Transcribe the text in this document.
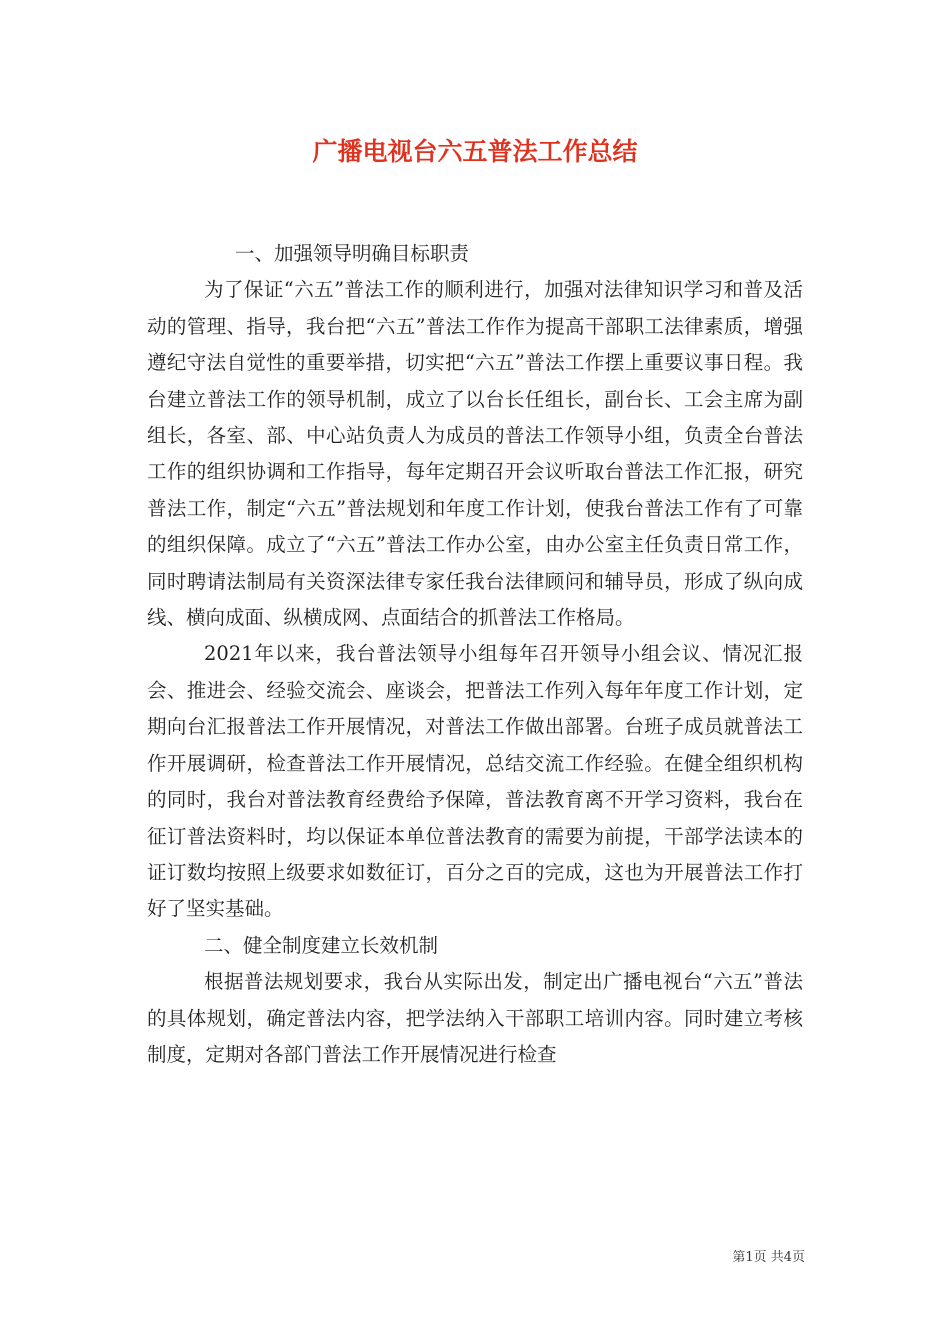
广播电视台六五普法工作总结

一、加强领导明确目标职责

为了保证“六五”普法工作的顺利进行，加强对法律知识学习和普及活动的管理、指导，我台把“六五”普法工作作为提高干部职工法律素质，增强遵纪守法自觉性的重要举措，切实把“六五”普法工作摆上重要议事日程。我台建立普法工作的领导机制，成立了以台长任组长，副台长、工会主席为副组长，各室、部、中心站负责人为成员的普法工作领导小组，负责全台普法工作的组织协调和工作指导，每年定期召开会议听取台普法工作汇报，研究普法工作，制定“六五”普法规划和年度工作计划，使我台普法工作有了可靠的组织保障。成立了“六五”普法工作办公室，由办公室主任负责日常工作，同时聘请法制局有关资深法律专家任我台法律顾问和辅导员，形成了纵向成线、横向成面、纵横成网、点面结合的抓普法工作格局。

2021年以来，我台普法领导小组每年召开领导小组会议、情况汇报会、推进会、经验交流会、座谈会，把普法工作列入每年年度工作计划，定期向台汇报普法工作开展情况，对普法工作做出部署。台班子成员就普法工作开展调研，检查普法工作开展情况，总结交流工作经验。在健全组织机构的同时，我台对普法教育经费给予保障，普法教育离不开学习资料，我台在征订普法资料时，均以保证本单位普法教育的需要为前提，干部学法读本的证订数均按照上级要求如数征订，百分之百的完成，这也为开展普法工作打好了坚实基础。

二、健全制度建立长效机制

根据普法规划要求，我台从实际出发，制定出广播电视台“六五”普法的具体规划，确定普法内容，把学法纳入干部职工培训内容。同时建立考核制度，定期对各部门普法工作开展情况进行检查

第1页 共4页
